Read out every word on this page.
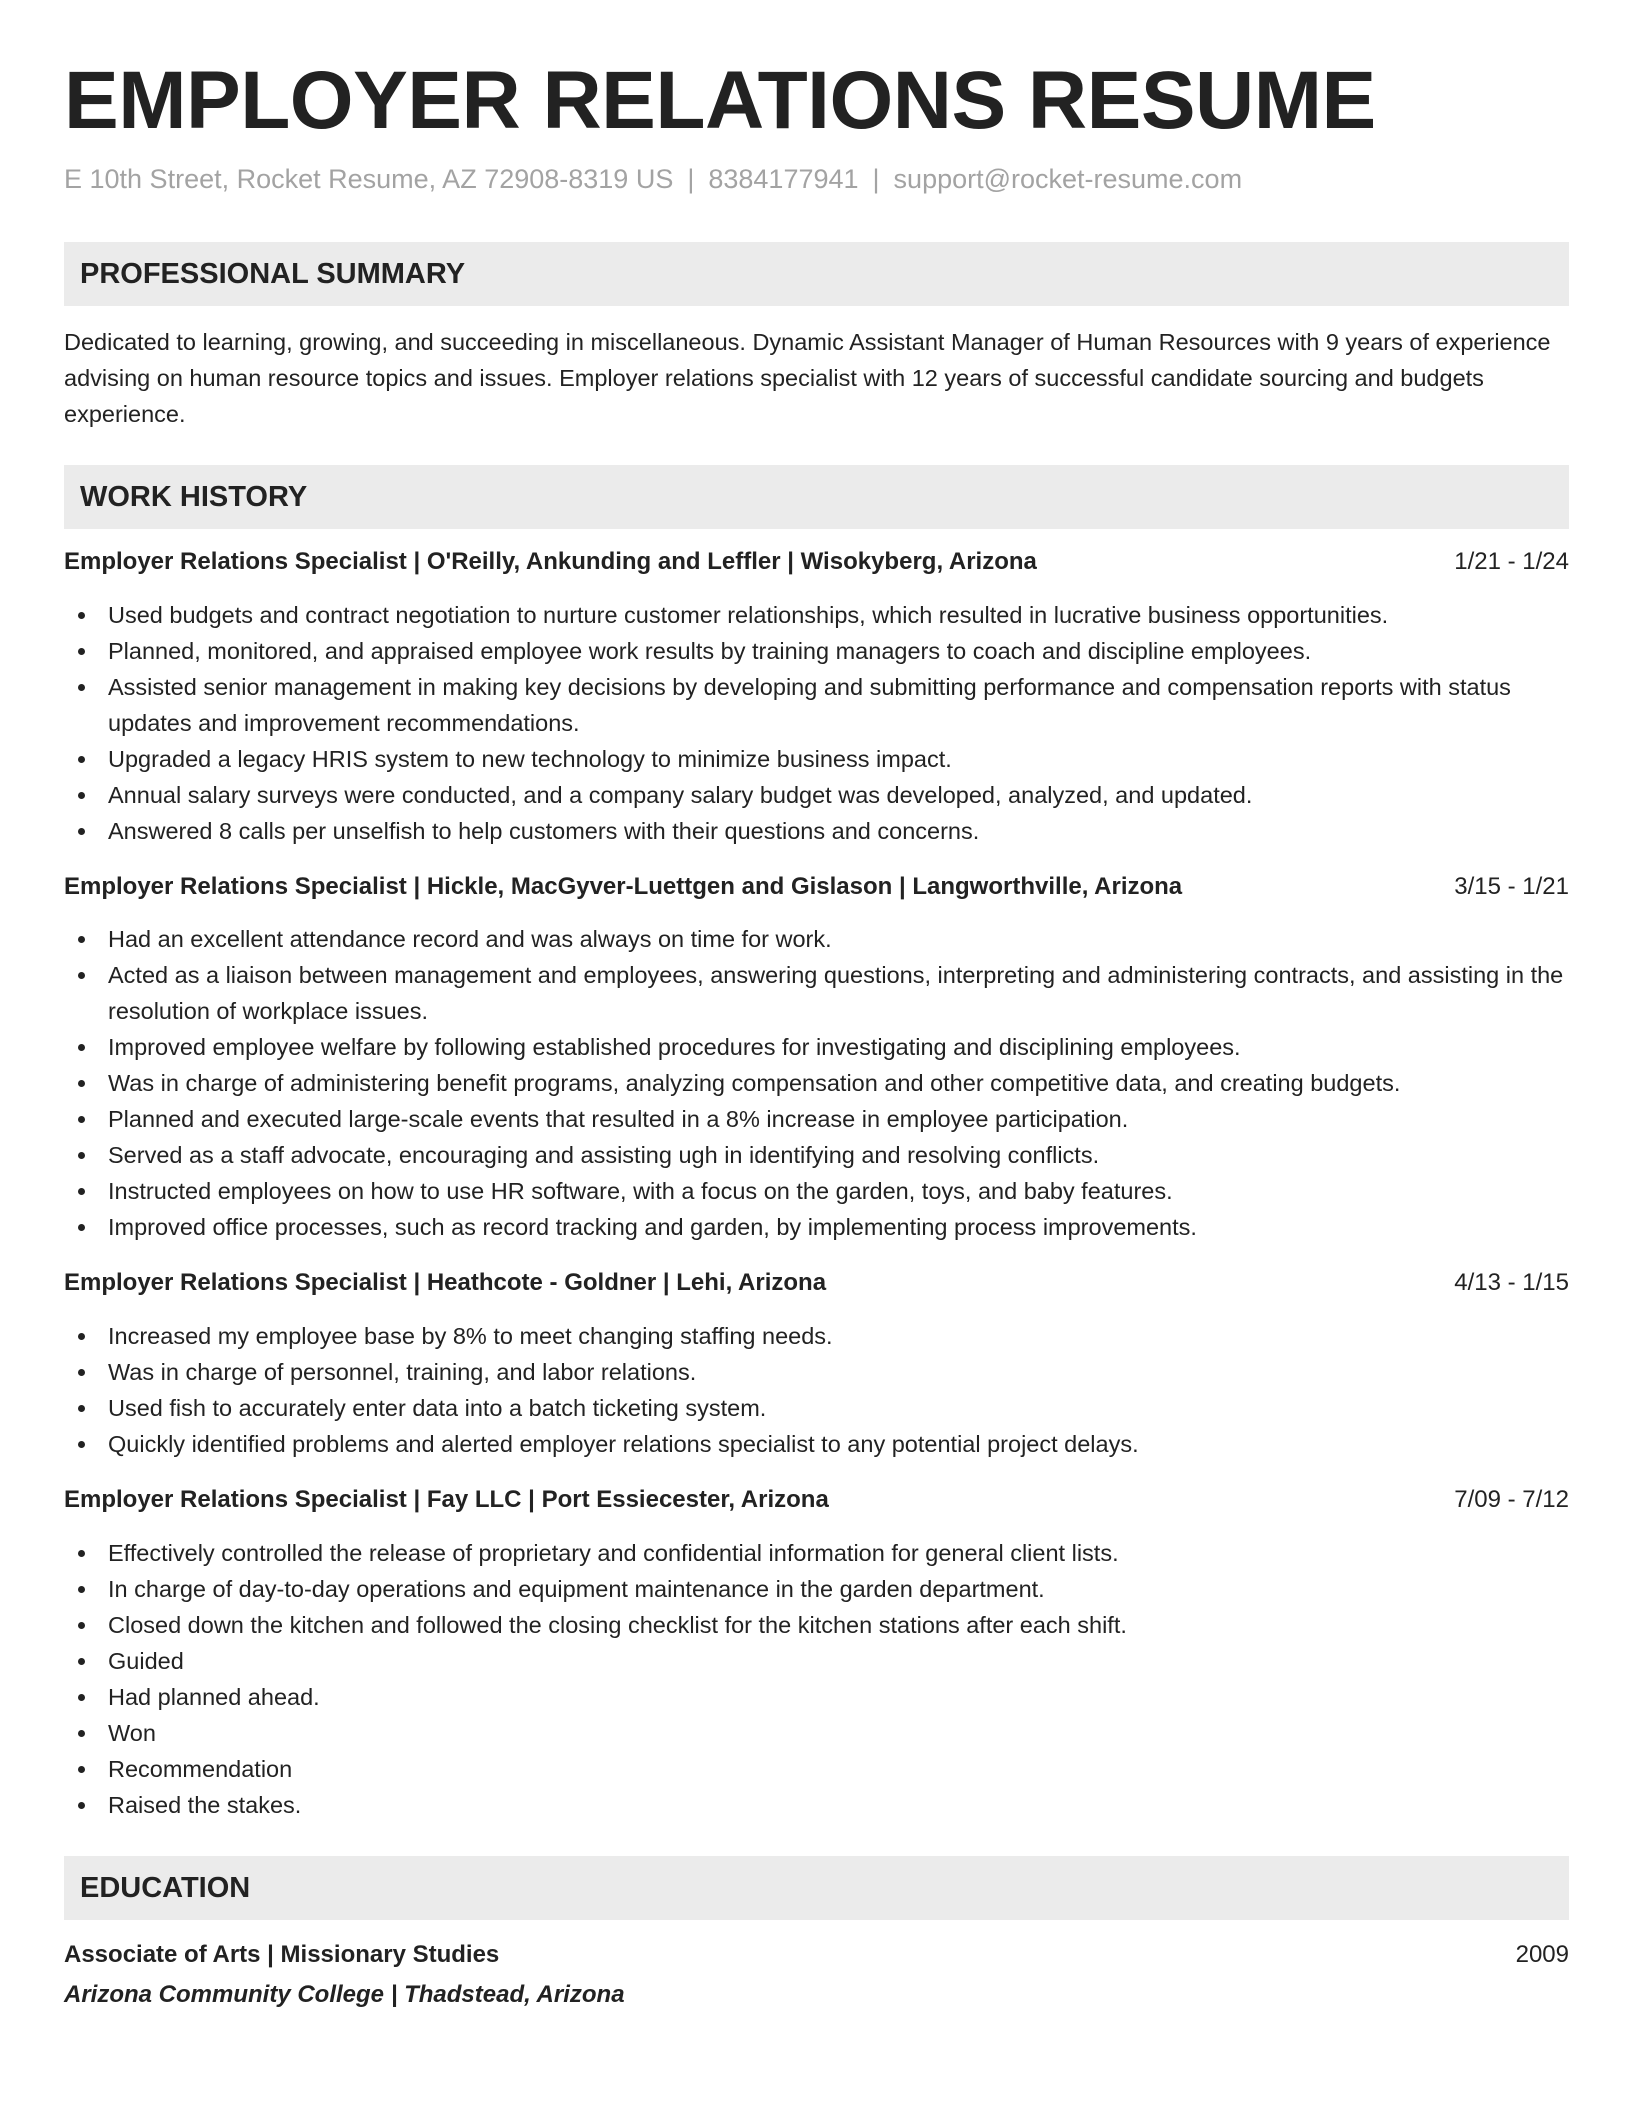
EMPLOYER RELATIONS RESUME
E 10th Street, Rocket Resume, AZ 72908-8319 US | 8384177941 | support@rocket-resume.com
PROFESSIONAL SUMMARY
Dedicated to learning, growing, and succeeding in miscellaneous. Dynamic Assistant Manager of Human Resources with 9 years of experience advising on human resource topics and issues. Employer relations specialist with 12 years of successful candidate sourcing and budgets experience.
WORK HISTORY
Employer Relations Specialist | O'Reilly, Ankunding and Leffler | Wisokyberg, Arizona	1/21 - 1/24
Used budgets and contract negotiation to nurture customer relationships, which resulted in lucrative business opportunities.
Planned, monitored, and appraised employee work results by training managers to coach and discipline employees.
Assisted senior management in making key decisions by developing and submitting performance and compensation reports with status updates and improvement recommendations.
Upgraded a legacy HRIS system to new technology to minimize business impact.
Annual salary surveys were conducted, and a company salary budget was developed, analyzed, and updated.
Answered 8 calls per unselfish to help customers with their questions and concerns.
Employer Relations Specialist | Hickle, MacGyver-Luettgen and Gislason | Langworthville, Arizona	3/15 - 1/21
Had an excellent attendance record and was always on time for work.
Acted as a liaison between management and employees, answering questions, interpreting and administering contracts, and assisting in the resolution of workplace issues.
Improved employee welfare by following established procedures for investigating and disciplining employees.
Was in charge of administering benefit programs, analyzing compensation and other competitive data, and creating budgets.
Planned and executed large-scale events that resulted in a 8% increase in employee participation.
Served as a staff advocate, encouraging and assisting ugh in identifying and resolving conflicts.
Instructed employees on how to use HR software, with a focus on the garden, toys, and baby features.
Improved office processes, such as record tracking and garden, by implementing process improvements.
Employer Relations Specialist | Heathcote - Goldner | Lehi, Arizona	4/13 - 1/15
Increased my employee base by 8% to meet changing staffing needs.
Was in charge of personnel, training, and labor relations.
Used fish to accurately enter data into a batch ticketing system.
Quickly identified problems and alerted employer relations specialist to any potential project delays.
Employer Relations Specialist | Fay LLC | Port Essiecester, Arizona	7/09 - 7/12
Effectively controlled the release of proprietary and confidential information for general client lists.
In charge of day-to-day operations and equipment maintenance in the garden department.
Closed down the kitchen and followed the closing checklist for the kitchen stations after each shift.
Guided
Had planned ahead.
Won
Recommendation
Raised the stakes.
EDUCATION
Associate of Arts | Missionary Studies	2009
Arizona Community College | Thadstead, Arizona
